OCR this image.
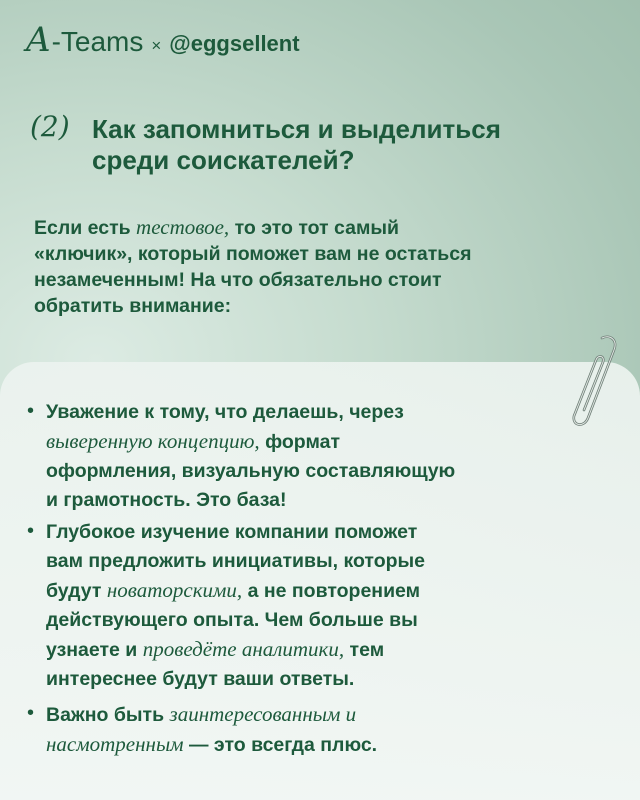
A -Teams × @eggsellent
(2) Как запомниться и выделиться
среди соискателей?
Если есть тестовое, то это тот самый
«ключик», который поможет вам не остаться
незамеченным! На что обязательно стоит
обратить внимание:
• Уважение к тому, что делаешь, через
выверенную концепцию, формат
оформления, визуальную составляющую
и грамотность. Это база!
• Глубокое изучение компании поможет
вам предложить инициативы, которые
будут новаторскими, а не повторением
действующего опыта. Чем больше вы
узнаете и проведёте аналитики, тем
интереснее будут ваши ответы.
• Важно быть заинтересованным и
насмотренным — это всегда плюс.
